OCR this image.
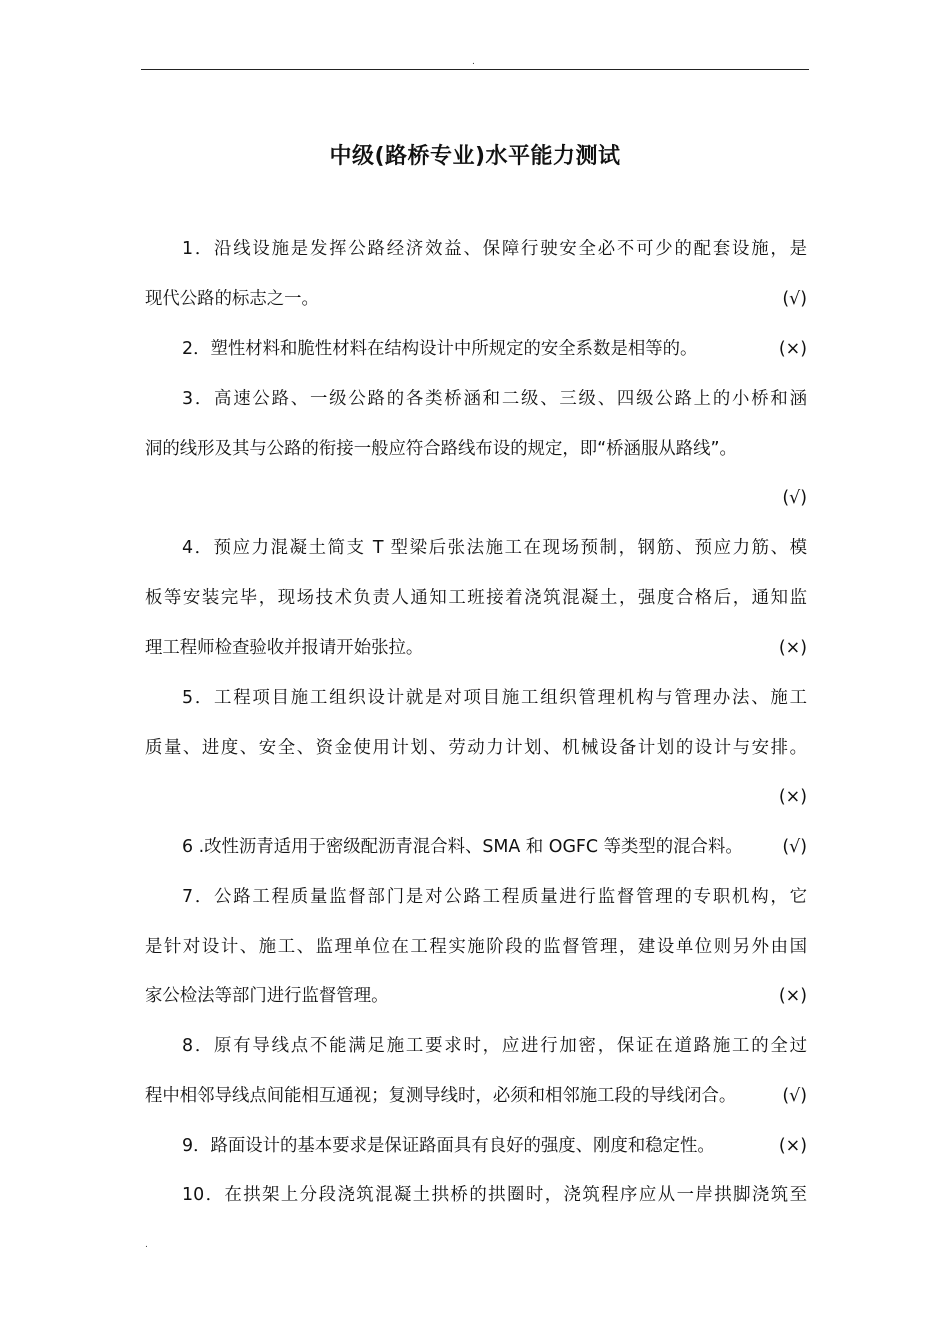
.
中级(路桥专业)水平能力测试
1．沿线设施是发挥公路经济效益、保障行驶安全必不可少的配套设施，是
现代公路的标志之一。	(√)
2．塑性材料和脆性材料在结构设计中所规定的安全系数是相等的。	(×)
3．高速公路、一级公路的各类桥涵和二级、三级、四级公路上的小桥和涵
洞的线形及其与公路的衔接一般应符合路线布设的规定，即“桥涵服从路线”。
(√)
4．预应力混凝土简支 T 型梁后张法施工在现场预制，钢筋、预应力筋、模
板等安装完毕，现场技术负责人通知工班接着浇筑混凝土，强度合格后，通知监
理工程师检查验收并报请开始张拉。	(×)
5．工程项目施工组织设计就是对项目施工组织管理机构与管理办法、施工
质量、进度、安全、资金使用计划、劳动力计划、机械设备计划的设计与安排。
(×)
6 .改性沥青适用于密级配沥青混合料、SMA 和 OGFC 等类型的混合料。 (√)
7．公路工程质量监督部门是对公路工程质量进行监督管理的专职机构，它
是针对设计、施工、监理单位在工程实施阶段的监督管理，建设单位则另外由国
家公检法等部门进行监督管理。	(×)
8．原有导线点不能满足施工要求时，应进行加密，保证在道路施工的全过
程中相邻导线点间能相互通视；复测导线时，必须和相邻施工段的导线闭合。	(√)
9．路面设计的基本要求是保证路面具有良好的强度、刚度和稳定性。	(×)
10．在拱架上分段浇筑混凝土拱桥的拱圈时，浇筑程序应从一岸拱脚浇筑至
.
